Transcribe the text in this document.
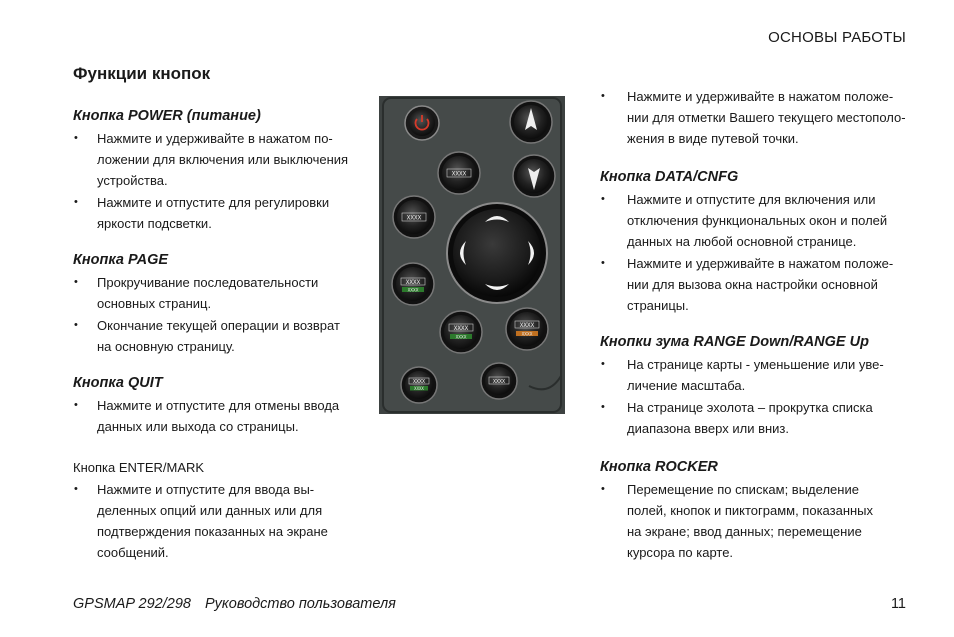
ОСНОВЫ РАБОТЫ
Функции кнопок
Кнопка POWER (питание)
• Нажмите и удерживайте в нажатом по-
ложении для включения или выключения
устройства.
• Нажмите и отпустите для регулировки
яркости подсветки.
Кнопка PAGE
• Прокручивание последовательности
основных страниц.
• Окончание текущей операции и возврат
на основную страницу.
Кнопка QUIT
• Нажмите и отпустите для отмены ввода
данных или выхода со страницы.
Кнопка ENTER/MARK
• Нажмите и отпустите для ввода вы-
деленных опций или данных или для
подтверждения показанных на экране
сообщений.
XXXX
XXXX
XXXX
XXXX
XXXX
XXXX
XXXX
XXXX
XXXX
XXXX
XXXX
• Нажмите и удерживайте в нажатом положе-
нии для отметки Вашего текущего местополо-
жения в виде путевой точки.
Кнопка DATA/CNFG
• Нажмите и отпустите для включения или
отключения функциональных окон и полей
данных на любой основной странице.
• Нажмите и удерживайте в нажатом положе-
нии для вызова окна настройки основной
страницы.
Кнопки зума RANGE Down/RANGE Up
• На странице карты - уменьшение или уве-
личение масштаба.
• На странице эхолота – прокрутка списка
диапазона вверх или вниз.
Кнопка ROCKER
• Перемещение по спискам; выделение
полей, кнопок и пиктограмм, показанных
на экране; ввод данных; перемещение
курсора по карте.
GPSMAP 292/298 Руководство пользователя	11
